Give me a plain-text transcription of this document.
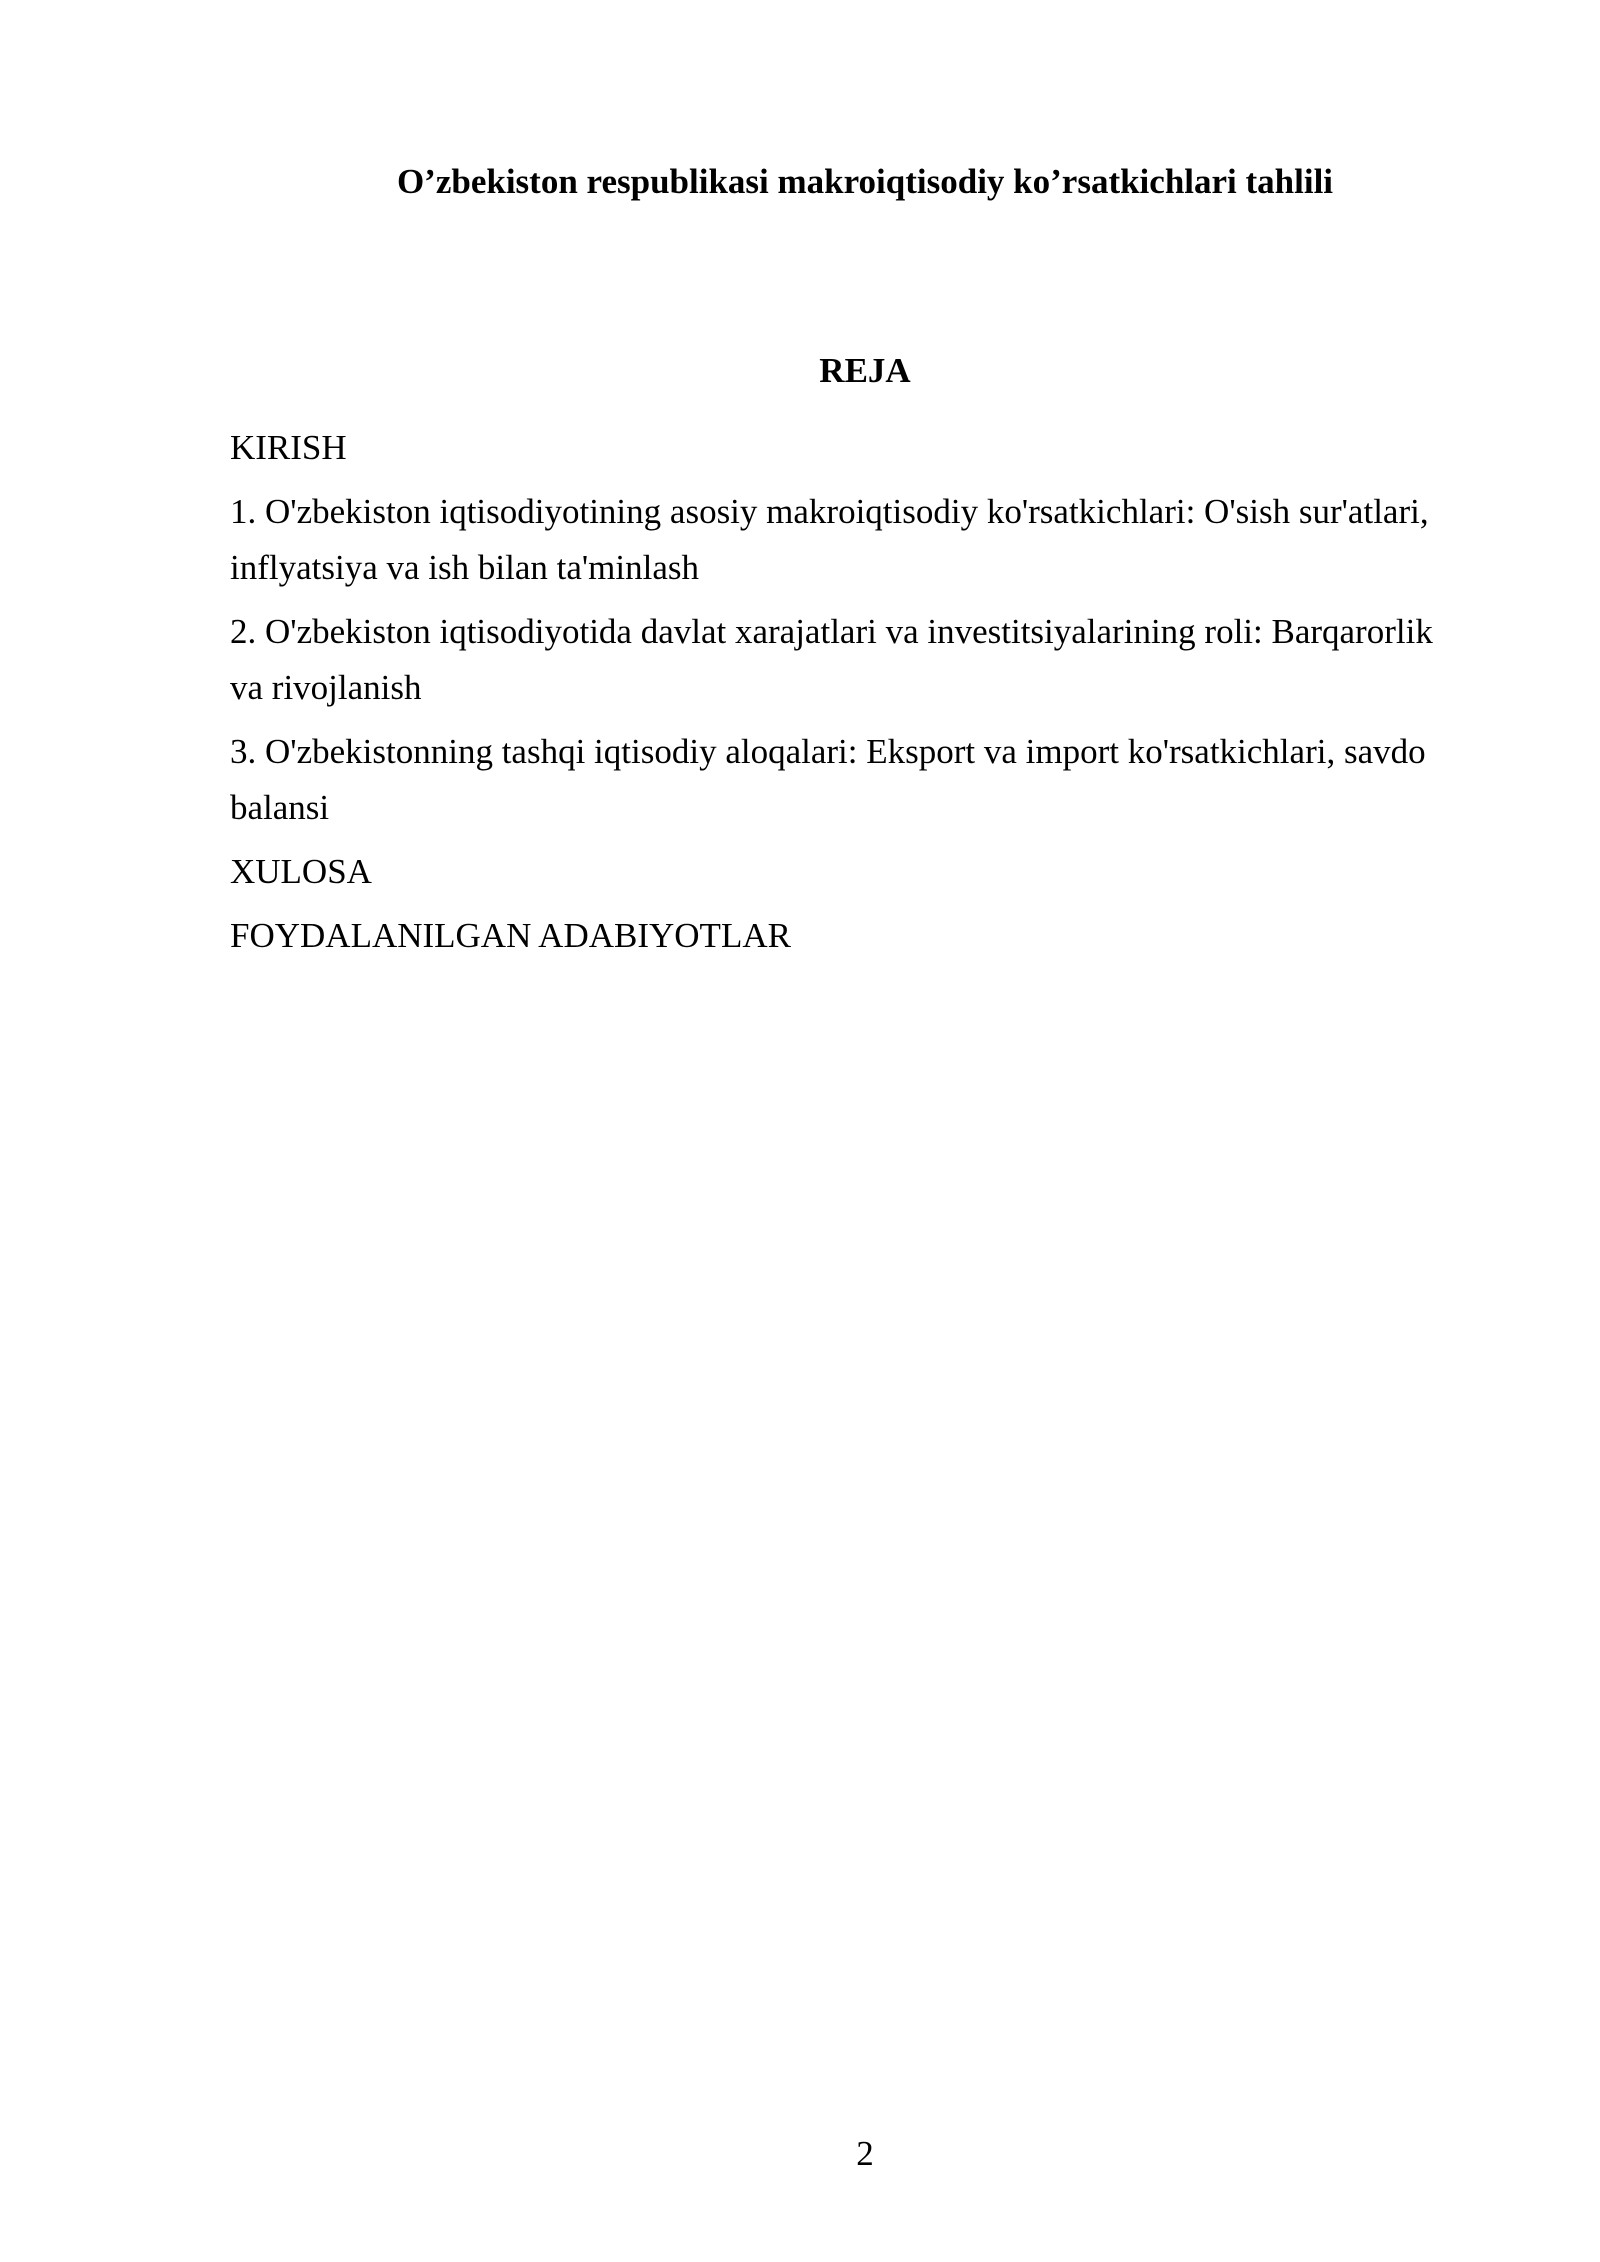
O’zbekiston respublikasi makroiqtisodiy ko’rsatkichlari tahlili
REJA
KIRISH
1. O'zbekiston iqtisodiyotining asosiy makroiqtisodiy ko'rsatkichlari: O'sish sur'atlari, inflyatsiya va ish bilan ta'minlash
2. O'zbekiston iqtisodiyotida davlat xarajatlari va investitsiyalarining roli: Barqarorlik va rivojlanish
3. O'zbekistonning tashqi iqtisodiy aloqalari: Eksport va import ko'rsatkichlari, savdo balansi
XULOSA
FOYDALANILGAN ADABIYOTLAR
2
